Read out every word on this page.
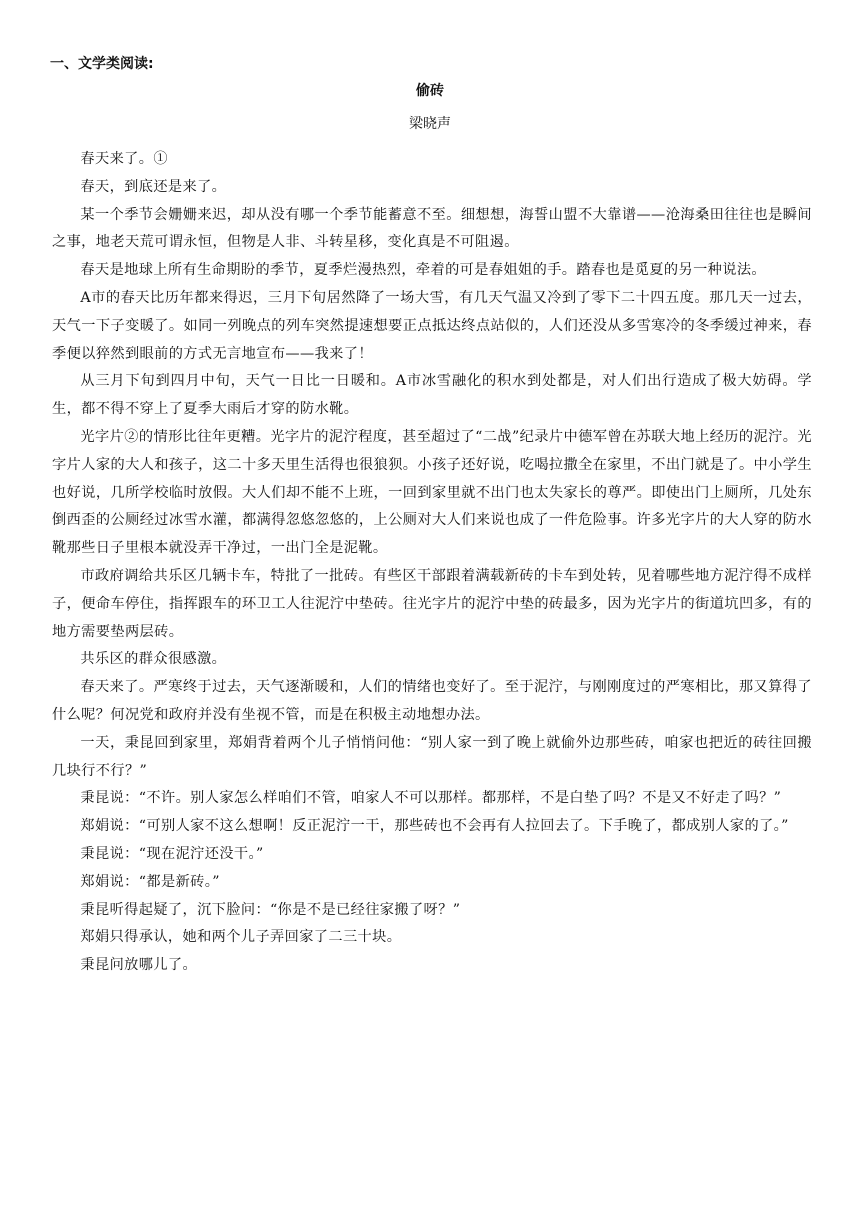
一、文学类阅读:
偷砖
梁晓声

春天来了。①

春天，到底还是来了。

某一个季节会姗姗来迟，却从没有哪一个季节能蓄意不至。细想想，海誓山盟不大靠谱——沧海桑田往往也是瞬间之事，地老天荒可谓永恒，但物是人非、斗转星移，变化真是不可阻遏。

春天是地球上所有生命期盼的季节，夏季烂漫热烈，牵着的可是春姐姐的手。踏春也是觅夏的另一种说法。

A市的春天比历年都来得迟，三月下旬居然降了一场大雪，有几天气温又冷到了零下二十四五度。那几天一过去，天气一下子变暖了。如同一列晚点的列车突然提速想要正点抵达终点站似的，人们还没从多雪寒冷的冬季缓过神来，春季便以猝然到眼前的方式无言地宣布——我来了！

从三月下旬到四月中旬，天气一日比一日暖和。A市冰雪融化的积水到处都是，对人们出行造成了极大妨碍。学生，都不得不穿上了夏季大雨后才穿的防水靴。

光字片②的情形比往年更糟。光字片的泥泞程度，甚至超过了“二战”纪录片中德军曾在苏联大地上经历的泥泞。光字片人家的大人和孩子，这二十多天里生活得也很狼狈。小孩子还好说，吃喝拉撒全在家里，不出门就是了。中小学生也好说，几所学校临时放假。大人们却不能不上班，一回到家里就不出门也太失家长的尊严。即使出门上厕所，几处东倒西歪的公厕经过冰雪水灌，都满得忽悠忽悠的，上公厕对大人们来说也成了一件危险事。许多光字片的大人穿的防水靴那些日子里根本就没弄干净过，一出门全是泥靴。

市政府调给共乐区几辆卡车，特批了一批砖。有些区干部跟着满载新砖的卡车到处转，见着哪些地方泥泞得不成样子，便命车停住，指挥跟车的环卫工人往泥泞中垫砖。往光字片的泥泞中垫的砖最多，因为光字片的街道坑凹多，有的地方需要垫两层砖。

共乐区的群众很感激。

春天来了。严寒终于过去，天气逐渐暖和，人们的情绪也变好了。至于泥泞，与刚刚度过的严寒相比，那又算得了什么呢？何况党和政府并没有坐视不管，而是在积极主动地想办法。

一天，秉昆回到家里，郑娟背着两个儿子悄悄问他：“别人家一到了晚上就偷外边那些砖，咱家也把近的砖往回搬几块行不行？”

秉昆说：“不许。别人家怎么样咱们不管，咱家人不可以那样。都那样，不是白垫了吗？不是又不好走了吗？”

郑娟说：“可别人家不这么想啊！反正泥泞一干，那些砖也不会再有人拉回去了。下手晚了，都成别人家的了。”

秉昆说：“现在泥泞还没干。”

郑娟说：“都是新砖。”

秉昆听得起疑了，沉下脸问：“你是不是已经往家搬了呀？”

郑娟只得承认，她和两个儿子弄回家了二三十块。

秉昆问放哪儿了。
